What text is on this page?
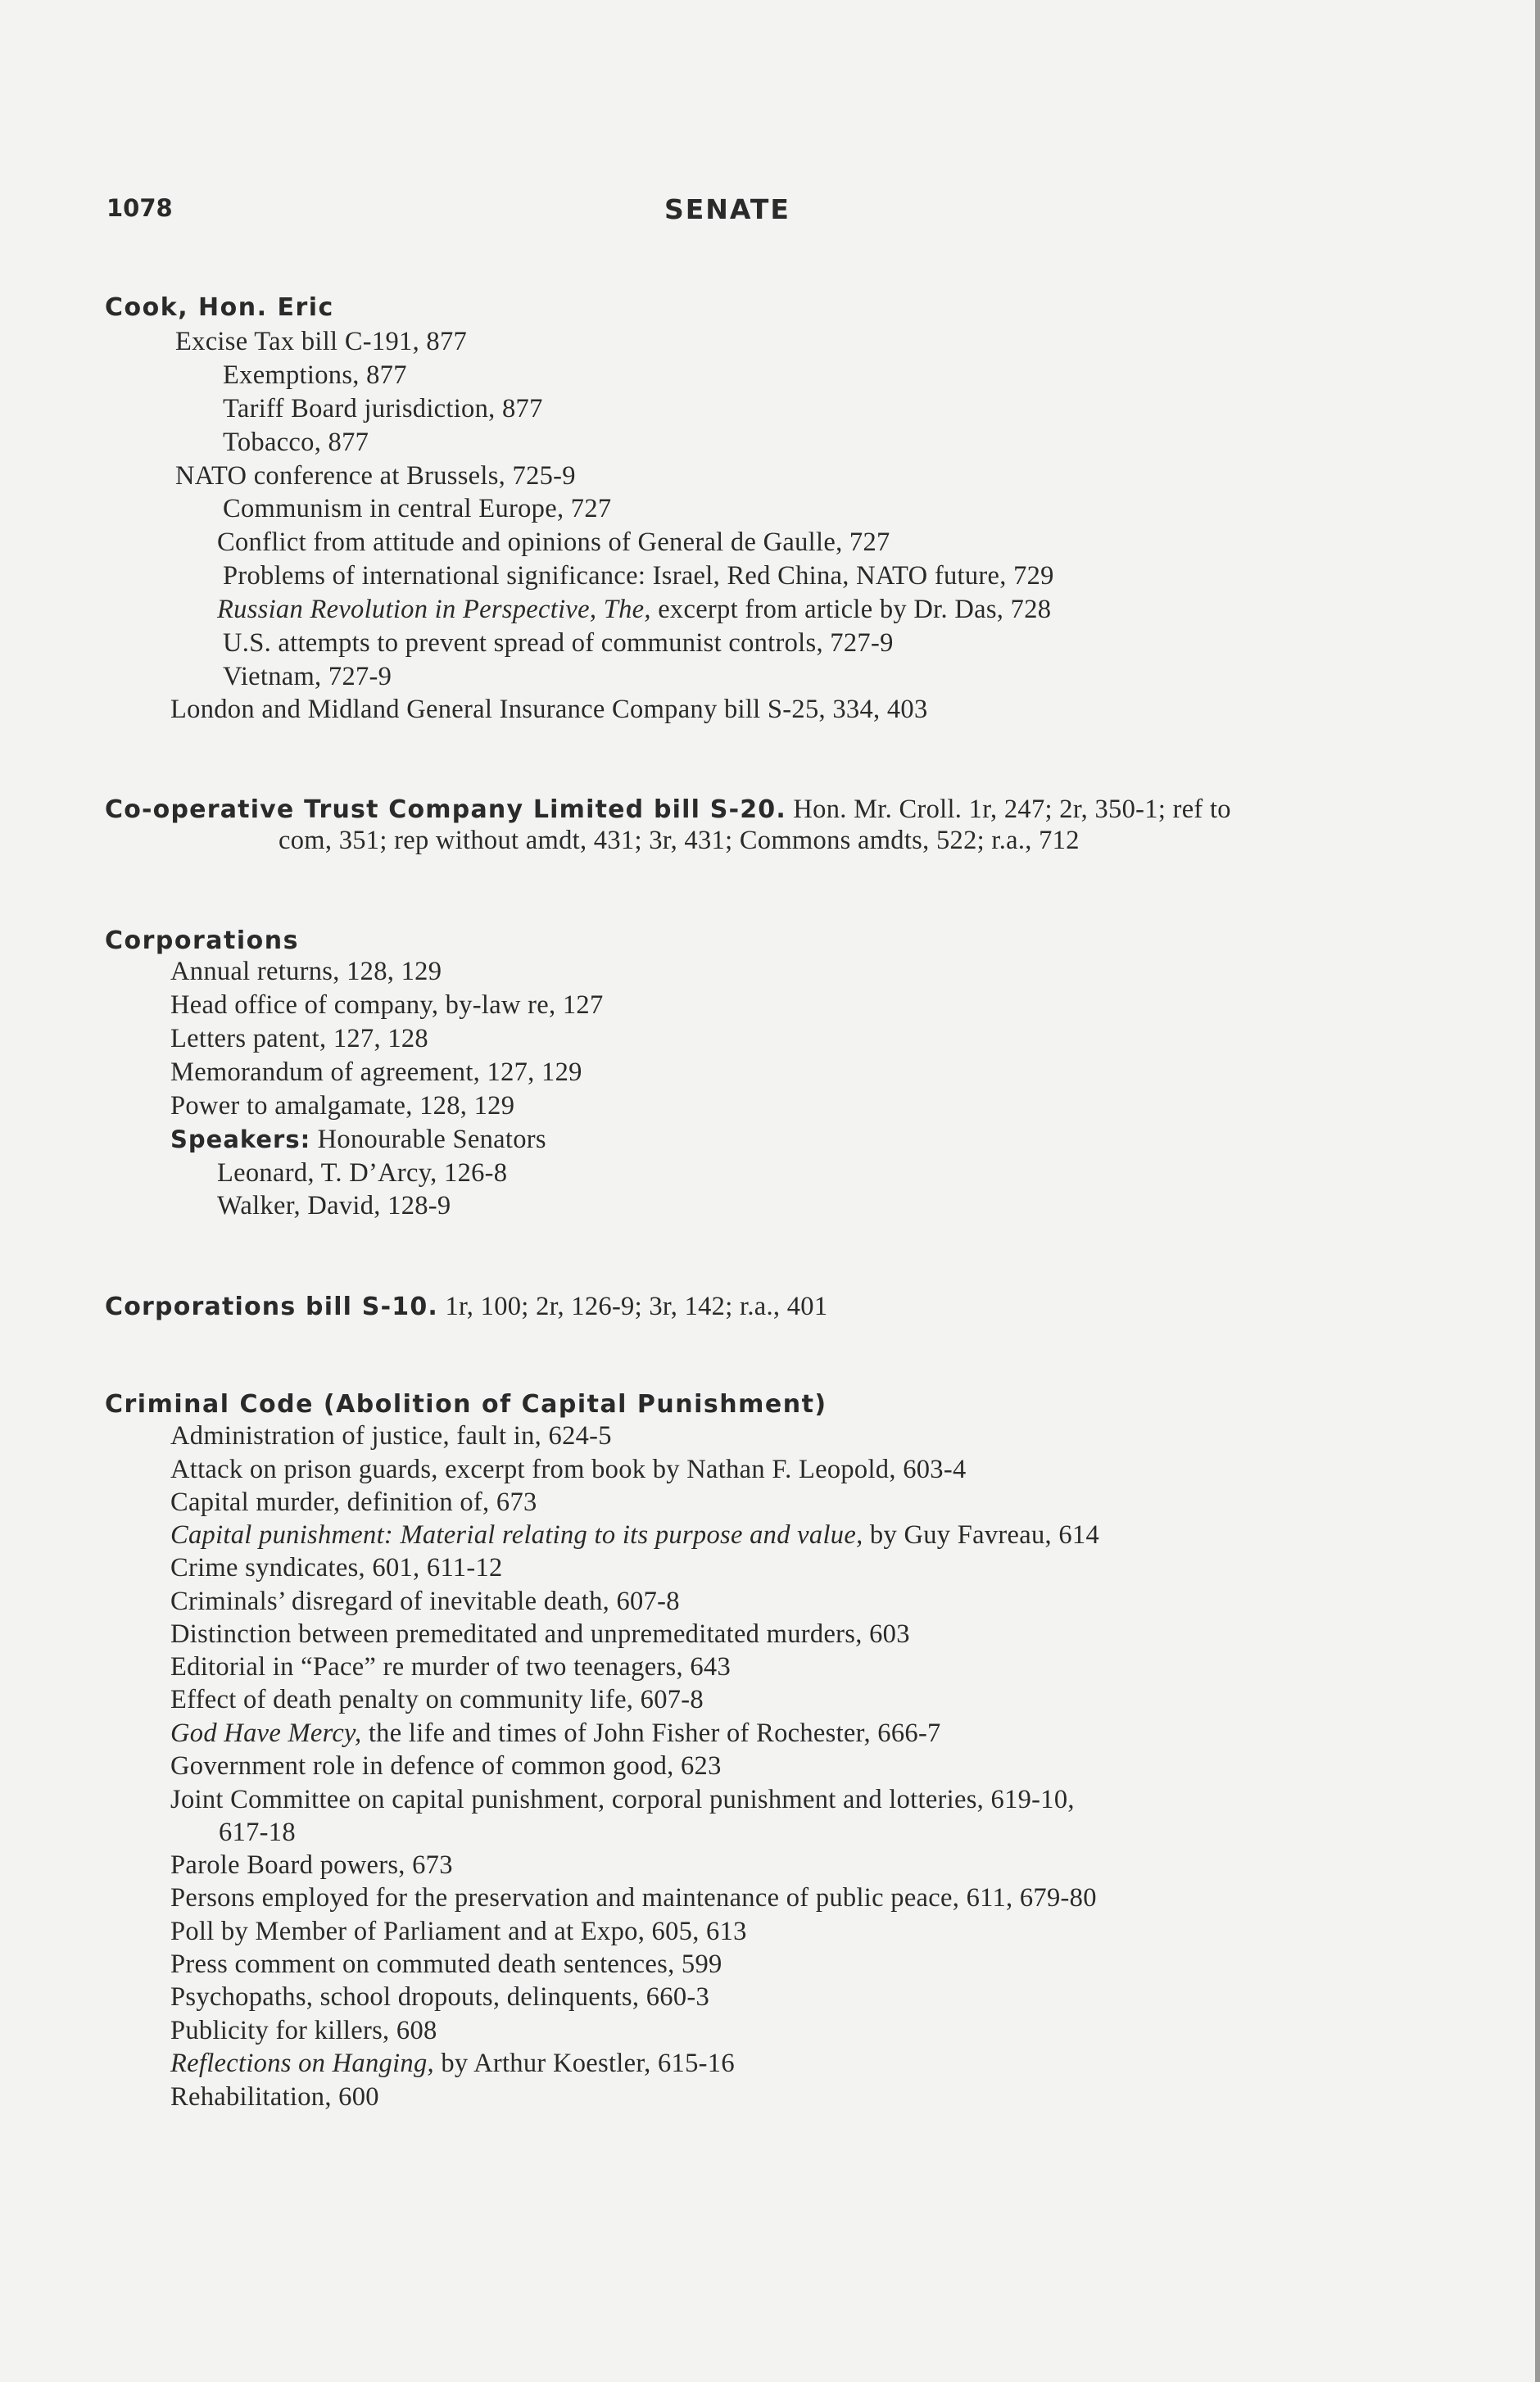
1078	SENATE
Cook, Hon. Eric
Excise Tax bill C-191, 877
Exemptions, 877
Tariff Board jurisdiction, 877
Tobacco, 877
NATO conference at Brussels, 725-9
Communism in central Europe, 727
Conflict from attitude and opinions of General de Gaulle, 727
Problems of international significance: Israel, Red China, NATO future, 729
Russian Revolution in Perspective, The, excerpt from article by Dr. Das, 728
U.S. attempts to prevent spread of communist controls, 727-9
Vietnam, 727-9
London and Midland General Insurance Company bill S-25, 334, 403
Co-operative Trust Company Limited bill S-20. Hon. Mr. Croll. 1r, 247; 2r, 350-1; ref to
com, 351; rep without amdt, 431; 3r, 431; Commons amdts, 522; r.a., 712
Corporations
Annual returns, 128, 129
Head office of company, by-law re, 127
Letters patent, 127, 128
Memorandum of agreement, 127, 129
Power to amalgamate, 128, 129
Speakers: Honourable Senators
Leonard, T. D’Arcy, 126-8
Walker, David, 128-9
Corporations bill S-10. 1r, 100; 2r, 126-9; 3r, 142; r.a., 401
Criminal Code (Abolition of Capital Punishment)
Administration of justice, fault in, 624-5
Attack on prison guards, excerpt from book by Nathan F. Leopold, 603-4
Capital murder, definition of, 673
Capital punishment: Material relating to its purpose and value, by Guy Favreau, 614
Crime syndicates, 601, 611-12
Criminals’ disregard of inevitable death, 607-8
Distinction between premeditated and unpremeditated murders, 603
Editorial in “Pace” re murder of two teenagers, 643
Effect of death penalty on community life, 607-8
God Have Mercy, the life and times of John Fisher of Rochester, 666-7
Government role in defence of common good, 623
Joint Committee on capital punishment, corporal punishment and lotteries, 619-10,
617-18
Parole Board powers, 673
Persons employed for the preservation and maintenance of public peace, 611, 679-80
Poll by Member of Parliament and at Expo, 605, 613
Press comment on commuted death sentences, 599
Psychopaths, school dropouts, delinquents, 660-3
Publicity for killers, 608
Reflections on Hanging, by Arthur Koestler, 615-16
Rehabilitation, 600
